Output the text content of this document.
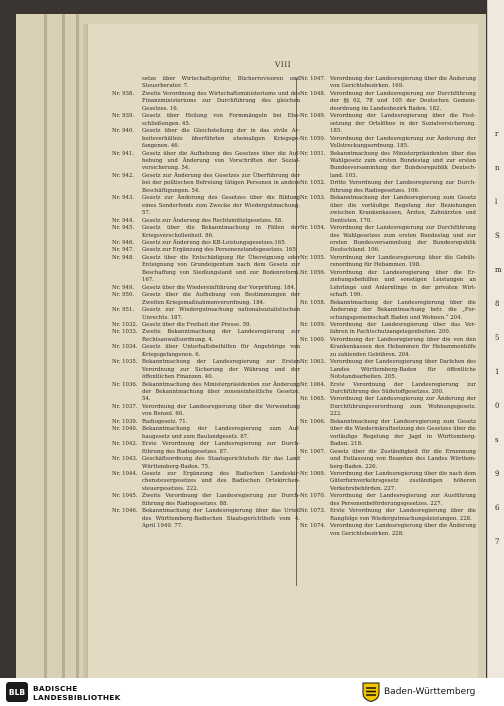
VIII
setze über Wirtschaftsprüfer, Bücherrevisoren und Steuerberater. 7.
Nr. 938.	Zweite Verordnung des Wirtschaftsministeriums und des Finanzministeriums zur Durchführung des gleichen Gesetzes. 16.
Nr. 939.	Gesetz über Heilung von Formmängeln bei Eheschließungen. 45.
Nr. 940.	Gesetz über die Gleichstellung der in das zivile Arbeitsverhältnis überführten ehemaligen Kriegsgefangenen. 46.
Nr. 941.	Gesetz über die Aufhebung des Gesetzes über die Aufhebung und Änderung von Vorschriften der Sozialversicherung. 54.
Nr. 942.	Gesetz zur Änderung des Gesetzes zur Überführung der bei der politischen Befreiung tätigen Personen in andere Beschäftigungen. 54.
Nr. 943.	Gesetz zur Änderung des Gesetzes über die Bildung eines Sonderfonds zum Zwecke der Wiedergutmachung. 57.
Nr. 944.	Gesetz zur Änderung des Rechtsmittelgesetzes. 58.
Nr. 945.	Gesetz über die Bekanntmachung in Fällen der Kriegsverschollenheit. 86.
Nr. 946.	Gesetz zur Änderung des KB-Leistungsgesetzes.165.
Nr. 947.	Gesetz zur Ergänzung des Personenstandsgesetzes. 165.
Nr. 948.	Gesetz über die Entschädigung für Übereignung oder Enteignung von Grundeigentum nach dem Gesetz zur Beschaffung von Siedlungsland und zur Bodenreform. 167.
Nr. 949.	Gesetz über die Wiedereinführung der Vorprüfung. 184.
Nr. 950.	Gesetz über die Aufhebung von Bestimmungen der Zweiten Kriegsmaßnahmenverordnung. 184.
Nr. 951.	Gesetz zur Wiedergutmachung nationalsozialistischen Unrechts. 187.
Nr. 1032. Gesetz über die Freiheit der Presse. 59.
Nr. 1033. Zweite Bekanntmachung der Landesregierung zur Rechtsanwaltsordnung. 4.
Nr. 1034. Gesetz über Unterhaltsbeihilfen für Angehörige von Kriegsgefangenen. 6.
Nr. 1035. Bekanntmachung der Landesregierung zur Ersten Verordnung zur Sicherung der Währung und der öffentlichen Finanzen. 40.
Nr. 1036. Bekanntmachung des Ministerpräsidenten zur Änderung der Bekanntmachung über zoneneinheitliche Gesetze. 54.
Nr. 1037. Verordnung der Landesregierung über die Verwendung von Benzol. 60.
Nr. 1039. Radiogesetz. 71.
Nr. 1040. Bekanntmachung der Landesregierung zum Aufbaugesetz und zum Baulandgesetz. 87.
Nr. 1042. Erste Verordnung der Landesregierung zur Durchführung des Radiogesetzes. 87.
Nr. 1043. Geschäftsordnung des Staatsgerichtshofs für das Land Württemberg-Baden. 75.
Nr. 1044. Gesetz zur Ergänzung des Badischen Landeskirchensteuergesetzes und des Badischen Ortskirchensteuergesetzes. 222.
Nr. 1045. Zweite Verordnung der Landesregierung zur Durchführung des Radiogesetzes. 88.
Nr. 1046. Bekanntmachung der Landesregierung über das Urteil des Württemberg-Badischen Staatsgerichthofs vom 4. April 1949. 77.
Nr. 1047. Verordnung der Landesregierung über die Änderung von Gerichtsbezirken. 169.
Nr. 1048. Verordnung der Landesregierung zur Durchführung der §§ 62, 78 und 105 der Deutschen Gemeindeordnung im Landesbezirk Baden. 182.
Nr. 1049. Verordnung der Landesregierung über die Festsetzung der Ortslöhne in der Sozialversicherung. 185.
Nr. 1050. Verordnung der Landesregierung zur Änderung der Vollstreckungsordnung. 185.
Nr. 1051. Bekanntmachung des Ministerpräsidenten über das Wahlgesetz zum ersten Bundestag und zur ersten Bundesversammlung der Bundesrepublik Deutschland. 103.
Nr. 1052. Dritte Verordnung der Landesregierung zur Durchführung des Radiogesetzes. 106.
Nr. 1053. Bekanntmachung der Landesregierung zum Gesetz über die vorläufige Regelung der Beziehungen zwischen Krankenkassen, Ärzten, Zahnärzten und Dentisten. 170.
Nr. 1054. Verordnung der Landesregierung zur Durchführung des Wahlgesetzes zum ersten Bundestag und zur ersten Bundesversammlung der Bundesrepublik Deutschland. 106.
Nr. 1055. Verordnung der Landesregierung über die Gebührenordnung für Hebammen. 198.
Nr. 1056. Verordnung der Landesregierung über die Erziehungsbeihilfen und sonstigen Leistungen an Lehrlinge und Anlernlinge in der privaten Wirtschaft. 199.
Nr. 1058. Bekanntmachung der Landesregierung über die Änderung der Bekanntmachung betr. die „Forschungsgemeinschaft Baden und Wohnen.“ 204.
Nr. 1059. Verordnung der Landesregierung über das Verfahren in Pachtschutzangelegenheiten. 200.
Nr. 1060. Verordnung der Landesregierung über die von den Krankenkassen den Hebammen für Hebammenhilfe zu zahlenden Gebühren. 204.
Nr. 1063. Verordnung der Landesregierung über Darlehen des Landes Württemberg-Baden für öffentliche Notstandsarbeiten. 205.
Nr. 1064. Erste Verordnung der Landesregierung zur Durchführung des Südetoffgesetzes. 200.
Nr. 1065. Verordnung der Landesregierung zur Änderung der Durchführungsverordnung zum Wohnungsgesetz. 222.
Nr. 1066. Bekanntmachung der Landesregierung zum Gesetz über die Wiederinkraftsetzung des Gesetzes über die vorläufige Regelung der Jagd in Württemberg-Baden. 218.
Nr. 1067. Gesetz über die Zuständigkeit für die Ernennung und Entlassung von Beamten des Landes Württemberg-Baden. 226.
Nr. 1069. Verordnung der Landesregierung über die nach dem Güterfernverkehrsgesetz zuständigen höheren Verkehrsbehörden. 227.
Nr. 1070. Verordnung der Landesregierung zur Ausführung des Personenbeförderungsgesetzes. 227.
Nr. 1073. Erste Verordnung der Landesregierung über die Rangfolge von Wiedergutmachungsleistungen. 228.
Nr. 1074. Verordnung der Landesregierung über die Änderung von Gerichtsbezirken. 228.
r
n
l
S
m
8
5
1
0
s
9
6
7
BLB	BADISCHE
LANDESBIBLIOTHEK
Baden-Württemberg
